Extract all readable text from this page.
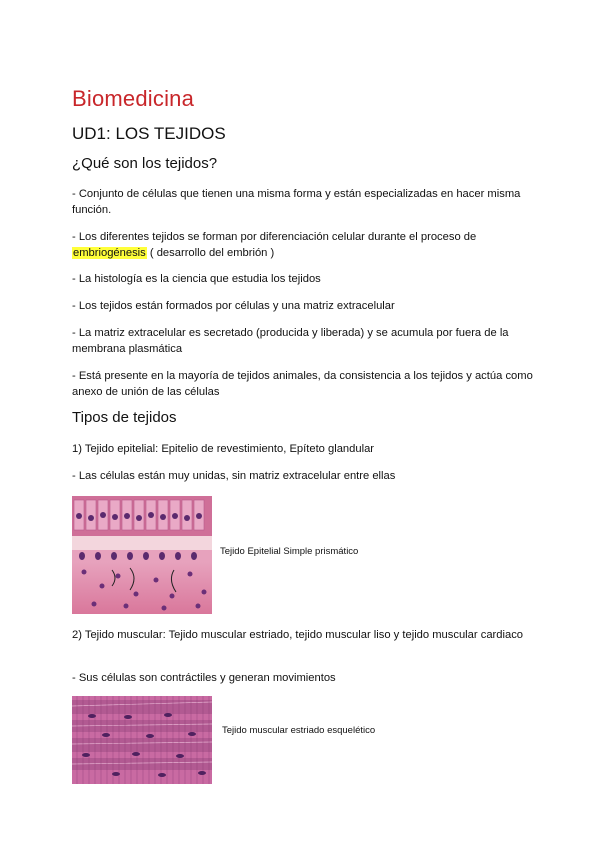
Biomedicina
UD1: LOS TEJIDOS
¿Qué son los tejidos?
- Conjunto de células que tienen una misma forma y están especializadas en hacer misma función.
- Los diferentes tejidos se forman por diferenciación celular durante el proceso de embriogénesis ( desarrollo del embrión )
- La histología es la ciencia que estudia los tejidos
- Los tejidos están formados por células y una matriz extracelular
- La matriz extracelular es secretado (producida y liberada) y se acumula por fuera de la membrana plasmática
- Está presente en la mayoría de tejidos animales, da consistencia a los tejidos y actúa como anexo de unión de las células
Tipos de tejidos
1) Tejido epitelial: Epitelio de revestimiento, Epíteto glandular
- Las células están muy unidas, sin matriz extracelular entre ellas
Tejido Epitelial Simple prismático
2) Tejido muscular: Tejido muscular estriado, tejido muscular liso y tejido muscular cardiaco
- Sus células son contráctiles y generan movimientos
Tejido muscular estriado esquelético
